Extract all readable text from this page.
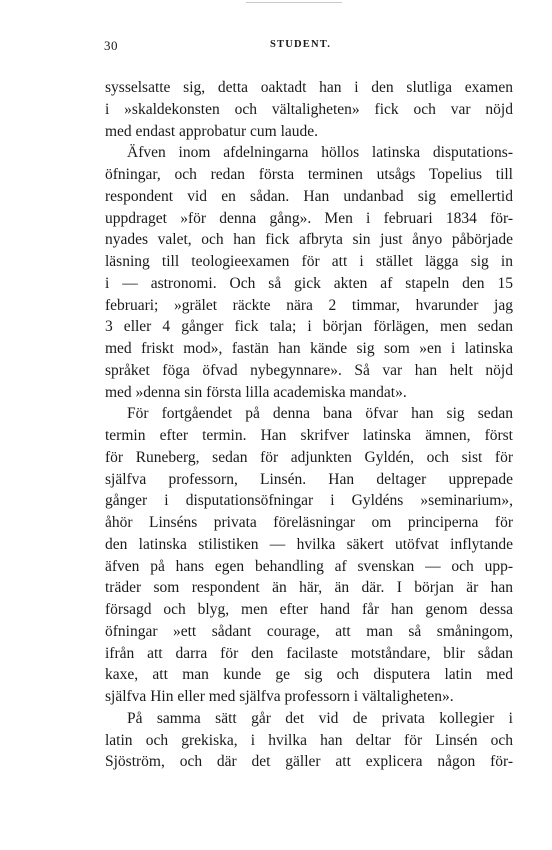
30	STUDENT.
sysselsatte sig, detta oaktadt han i den slutliga examen
i »skaldekonsten och vältaligheten» fick och var nöjd
med endast approbatur cum laude.
Äfven inom afdelningarna höllos latinska disputations-
öfningar, och redan första terminen utsågs Topelius till
respondent vid en sådan. Han undanbad sig emellertid
uppdraget »för denna gång». Men i februari 1834 för-
nyades valet, och han fick afbryta sin just ånyo påbörjade
läsning till teologieexamen för att i stället lägga sig in
i — astronomi. Och så gick akten af stapeln den 15
februari; »grälet räckte nära 2 timmar, hvarunder jag
3 eller 4 gånger fick tala; i början förlägen, men sedan
med friskt mod», fastän han kände sig som »en i latinska
språket föga öfvad nybegynnare». Så var han helt nöjd
med »denna sin första lilla academiska mandat».
För fortgåendet på denna bana öfvar han sig sedan
termin efter termin. Han skrifver latinska ämnen, först
för Runeberg, sedan för adjunkten Gyldén, och sist för
själfva professorn, Linsén. Han deltager upprepade
gånger i disputationsöfningar i Gyldéns »seminarium»,
åhör Linséns privata föreläsningar om principerna för
den latinska stilistiken — hvilka säkert utöfvat inflytande
äfven på hans egen behandling af svenskan — och upp-
träder som respondent än här, än där. I början är han
försagd och blyg, men efter hand får han genom dessa
öfningar »ett sådant courage, att man så småningom,
ifrån att darra för den facilaste motståndare, blir sådan
kaxe, att man kunde ge sig och disputera latin med
själfva Hin eller med själfva professorn i vältaligheten».
På samma sätt går det vid de privata kollegier i
latin och grekiska, i hvilka han deltar för Linsén och
Sjöström, och där det gäller att explicera någon för-
